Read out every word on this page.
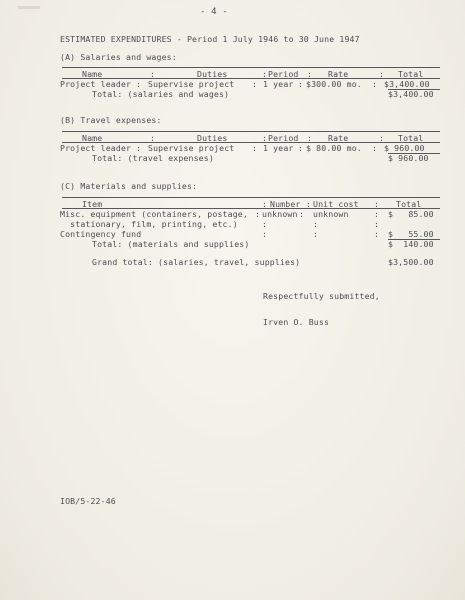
- 4 -
ESTIMATED EXPENDITURES - Period 1 July 1946 to 30 June 1947
(A) Salaries and wages:
Name	:	Duties	: Period : Rate	: Total
Project leader : Supervise project : 1 year : $300.00 mo. : $3,400.00
Total: (salaries and wages)	$3,400.00
(B) Travel expenses:
Name	:	Duties	: Period : Rate	: Total
Project leader : Supervise project : 1 year : $ 80.00 mo. : $ 960.00
Total: (travel expenses)	$ 960.00
(C) Materials and supplies:
Item	: Number : Unit cost : Total
Misc. equipment (containers, postage, : unknown : unknown	: $   85.00
stationary, film, printing, etc.)	:	:	:
Contingency fund	:	:	: $   55.00
Total: (materials and supplies)	$  140.00
Grand total: (salaries, travel, supplies)	$3,500.00
Respectfully submitted,
Irven O. Buss
IOB/5-22-46
